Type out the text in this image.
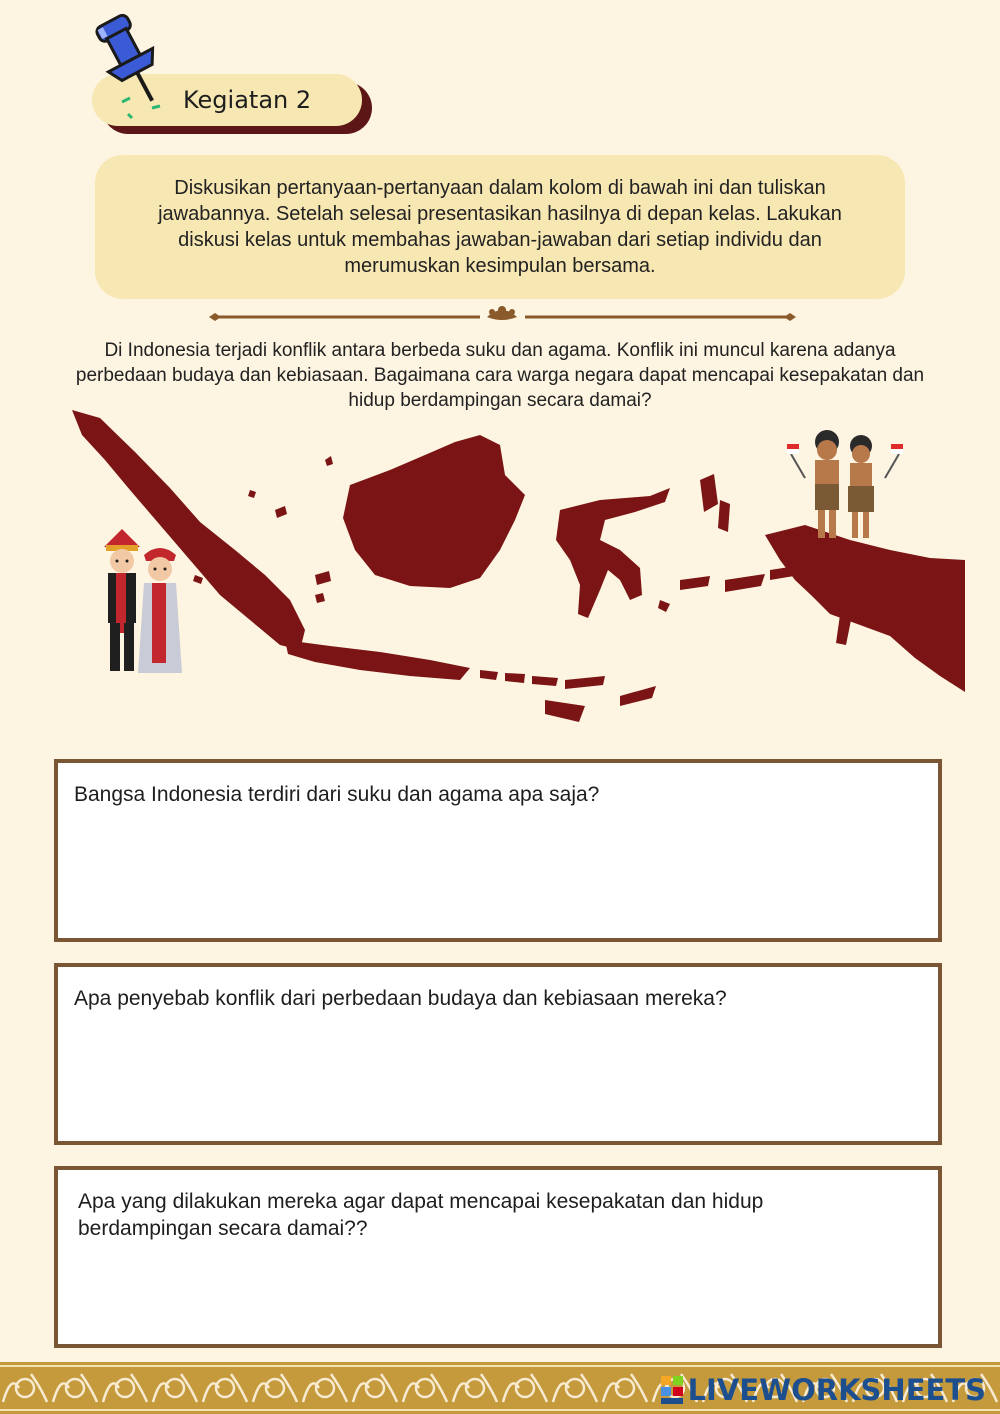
Kegiatan 2
Diskusikan pertanyaan-pertanyaan dalam kolom di bawah ini dan tuliskan jawabannya. Setelah selesai presentasikan hasilnya di depan kelas. Lakukan diskusi kelas untuk membahas jawaban-jawaban dari setiap individu dan merumuskan kesimpulan bersama.
Di Indonesia terjadi konflik antara berbeda suku dan agama. Konflik ini muncul karena adanya perbedaan budaya dan kebiasaan. Bagaimana cara warga negara dapat mencapai kesepakatan dan hidup berdampingan secara damai?
Bangsa Indonesia terdiri dari suku dan agama apa saja?
Apa penyebab konflik dari perbedaan budaya dan kebiasaan mereka?
Apa yang dilakukan mereka agar dapat mencapai kesepakatan dan hidup berdampingan secara damai??
LIVEWORKSHEETS
